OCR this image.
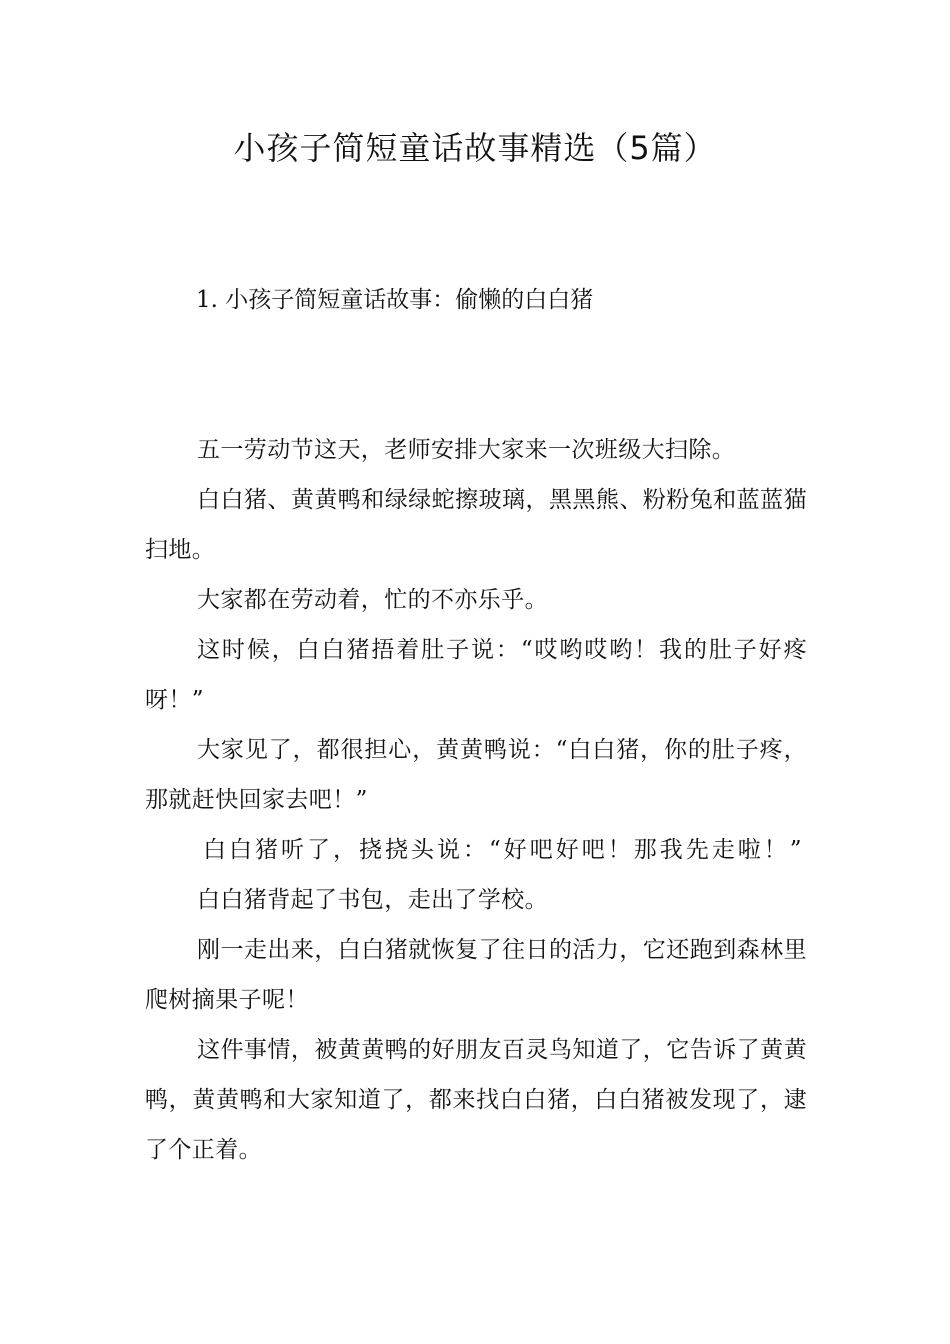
小孩子简短童话故事精选（5篇）
1. 小孩子简短童话故事：偷懒的白白猪

五一劳动节这天，老师安排大家来一次班级大扫除。

白白猪、黄黄鸭和绿绿蛇擦玻璃，黑黑熊、粉粉兔和蓝蓝猫扫地。

大家都在劳动着，忙的不亦乐乎。

这时候，白白猪捂着肚子说：“哎哟哎哟！我的肚子好疼呀！”

大家见了，都很担心，黄黄鸭说：“白白猪，你的肚子疼，那就赶快回家去吧！”

白白猪听了，挠挠头说：“好吧好吧！那我先走啦！”

白白猪背起了书包，走出了学校。

刚一走出来，白白猪就恢复了往日的活力，它还跑到森林里爬树摘果子呢！

这件事情，被黄黄鸭的好朋友百灵鸟知道了，它告诉了黄黄鸭，黄黄鸭和大家知道了，都来找白白猪，白白猪被发现了，逮了个正着。
